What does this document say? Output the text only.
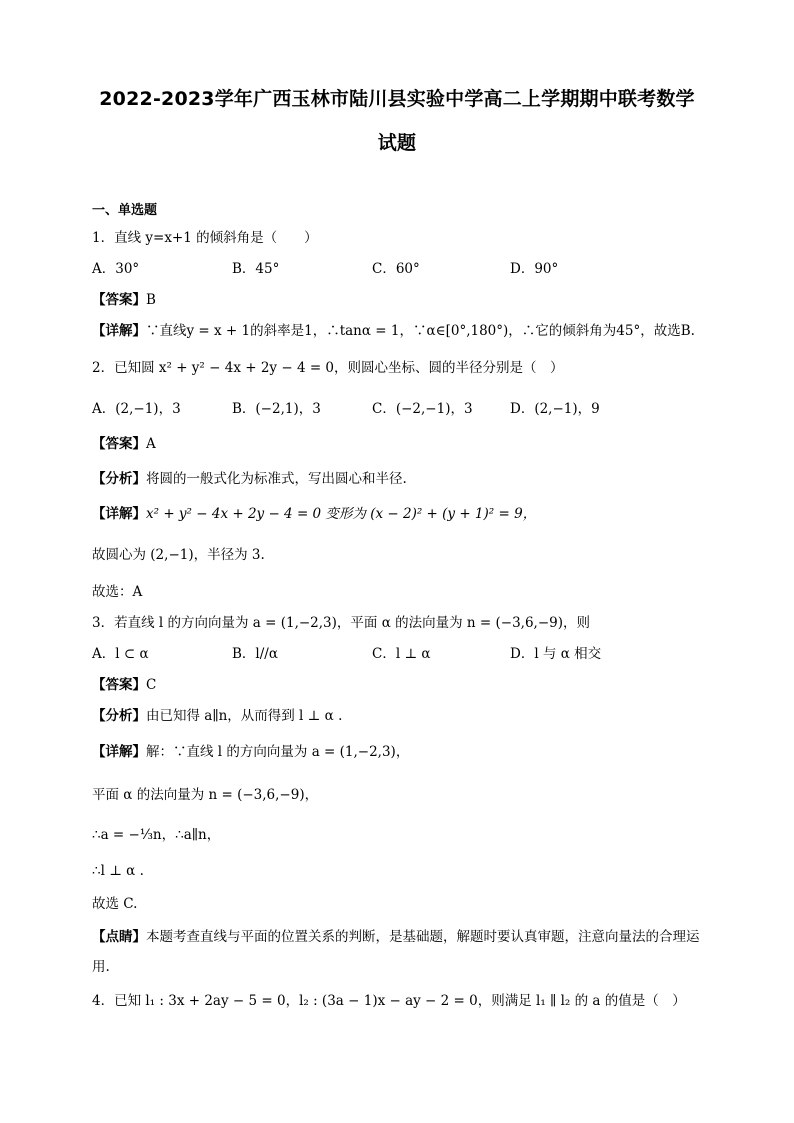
2022-2023学年广西玉林市陆川县实验中学高二上学期期中联考数学
试题
一、单选题
1．直线 y=x+1 的倾斜角是（　　）
A．30°	B．45°	C．60°	D．90°
【答案】B
【详解】∵直线y = x + 1的斜率是1，∴tanα = 1，∵α∈[0°,180°)，∴它的倾斜角为45°，故选B.
2．已知圆 x² + y² − 4x + 2y − 4 = 0，则圆心坐标、圆的半径分别是（　）
A．(2,−1)，3	B．(−2,1)，3	C．(−2,−1)，3	D．(2,−1)，9
【答案】A
【分析】将圆的一般式化为标准式，写出圆心和半径.
【详解】x² + y² − 4x + 2y − 4 = 0 变形为 (x − 2)² + (y + 1)² = 9，
故圆心为 (2,−1)，半径为 3.
故选：A
3．若直线 l 的方向向量为 a = (1,−2,3)，平面 α 的法向量为 n = (−3,6,−9)，则
A．l ⊂ α	B．l//α	C．l ⊥ α	D．l 与 α 相交
【答案】C
【分析】由已知得 a∥n，从而得到 l ⊥ α .
【详解】解：∵直线 l 的方向向量为 a = (1,−2,3)，
平面 α 的法向量为 n = (−3,6,−9)，
∴a = −⅓n，∴a∥n，
∴l ⊥ α .
故选 C.
【点睛】本题考查直线与平面的位置关系的判断，是基础题，解题时要认真审题，注意向量法的合理运用.
4．已知 l₁ : 3x + 2ay − 5 = 0，l₂ : (3a − 1)x − ay − 2 = 0，则满足 l₁ ∥ l₂ 的 a 的值是（　）
